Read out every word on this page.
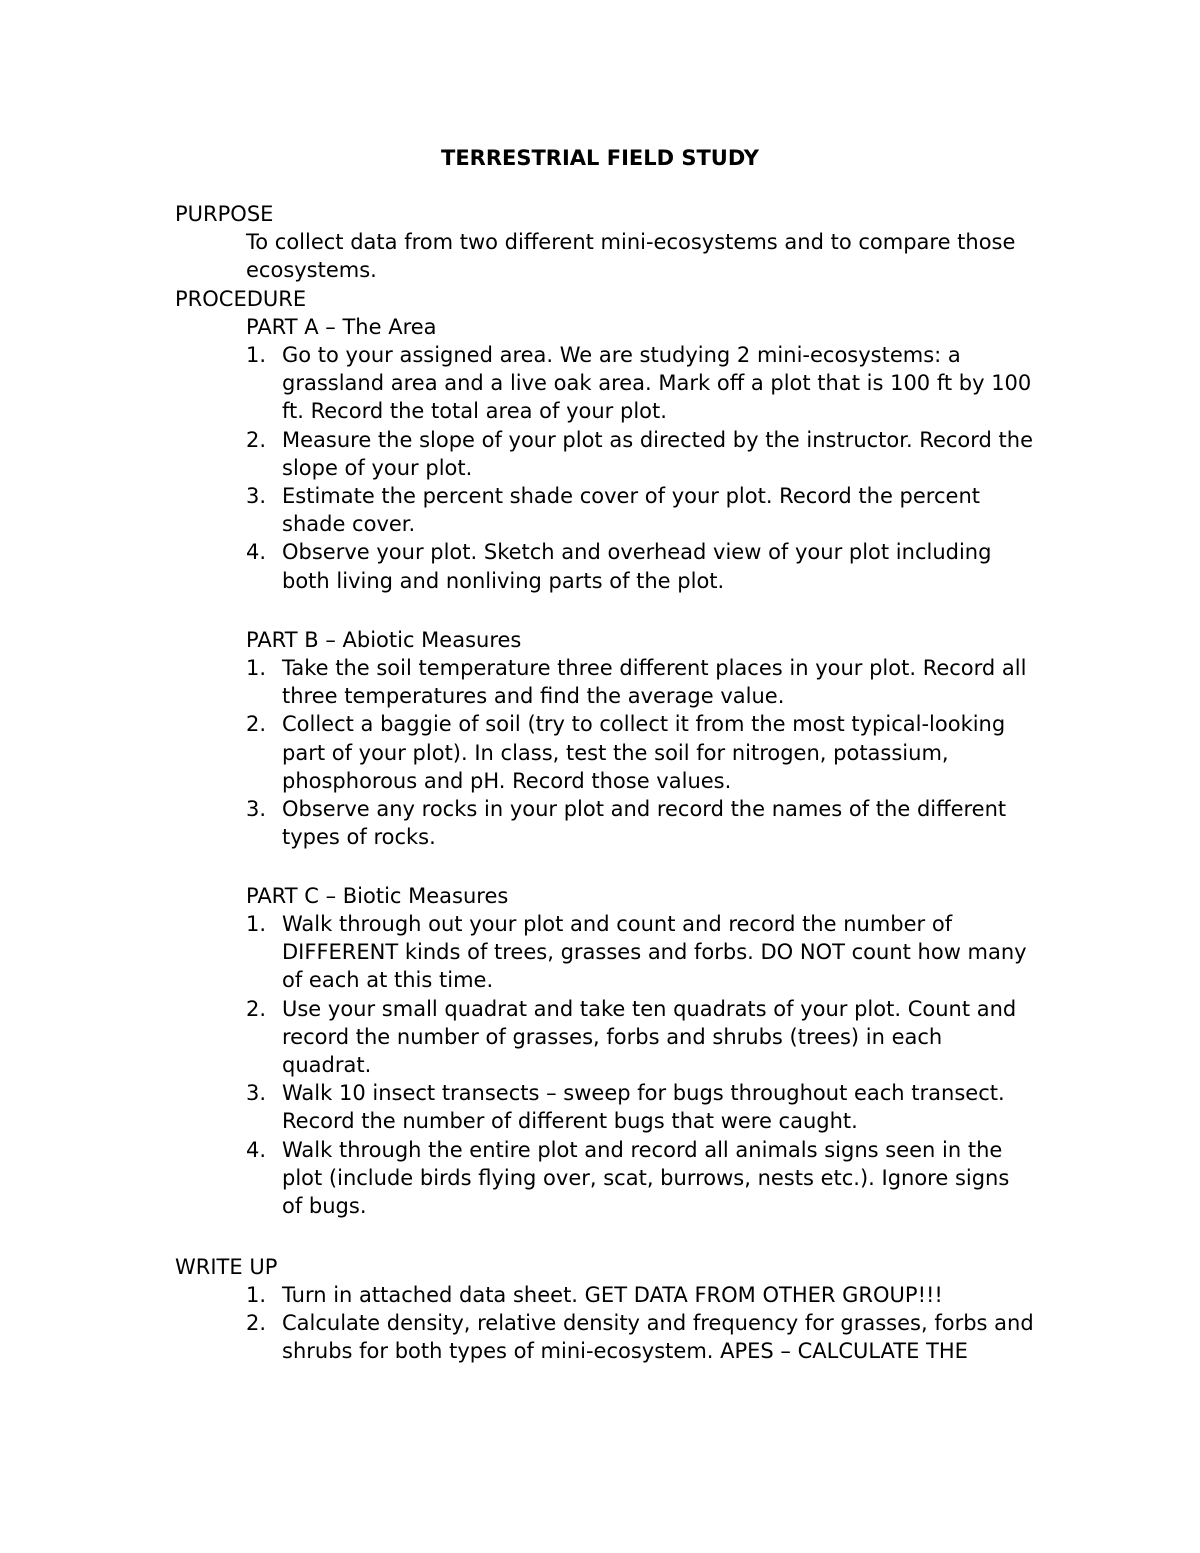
TERRESTRIAL FIELD STUDY
PURPOSE
To collect data from two different mini-ecosystems and to compare those ecosystems.
PROCEDURE
PART A – The Area
1. Go to your assigned area. We are studying 2 mini-ecosystems: a grassland area and a live oak area. Mark off a plot that is 100 ft by 100 ft. Record the total area of your plot.
2. Measure the slope of your plot as directed by the instructor. Record the slope of your plot.
3. Estimate the percent shade cover of your plot. Record the percent shade cover.
4. Observe your plot. Sketch and overhead view of your plot including both living and nonliving parts of the plot.
PART B – Abiotic Measures
1. Take the soil temperature three different places in your plot. Record all three temperatures and find the average value.
2. Collect a baggie of soil (try to collect it from the most typical-looking part of your plot). In class, test the soil for nitrogen, potassium, phosphorous and pH. Record those values.
3. Observe any rocks in your plot and record the names of the different types of rocks.
PART C – Biotic Measures
1. Walk through out your plot and count and record the number of DIFFERENT kinds of trees, grasses and forbs. DO NOT count how many of each at this time.
2. Use your small quadrat and take ten quadrats of your plot. Count and record the number of grasses, forbs and shrubs (trees) in each quadrat.
3. Walk 10 insect transects – sweep for bugs throughout each transect. Record the number of different bugs that were caught.
4. Walk through the entire plot and record all animals signs seen in the plot (include birds flying over, scat, burrows, nests etc.). Ignore signs of bugs.
WRITE UP
1. Turn in attached data sheet. GET DATA FROM OTHER GROUP!!!
2. Calculate density, relative density and frequency for grasses, forbs and shrubs for both types of mini-ecosystem. APES – CALCULATE THE
